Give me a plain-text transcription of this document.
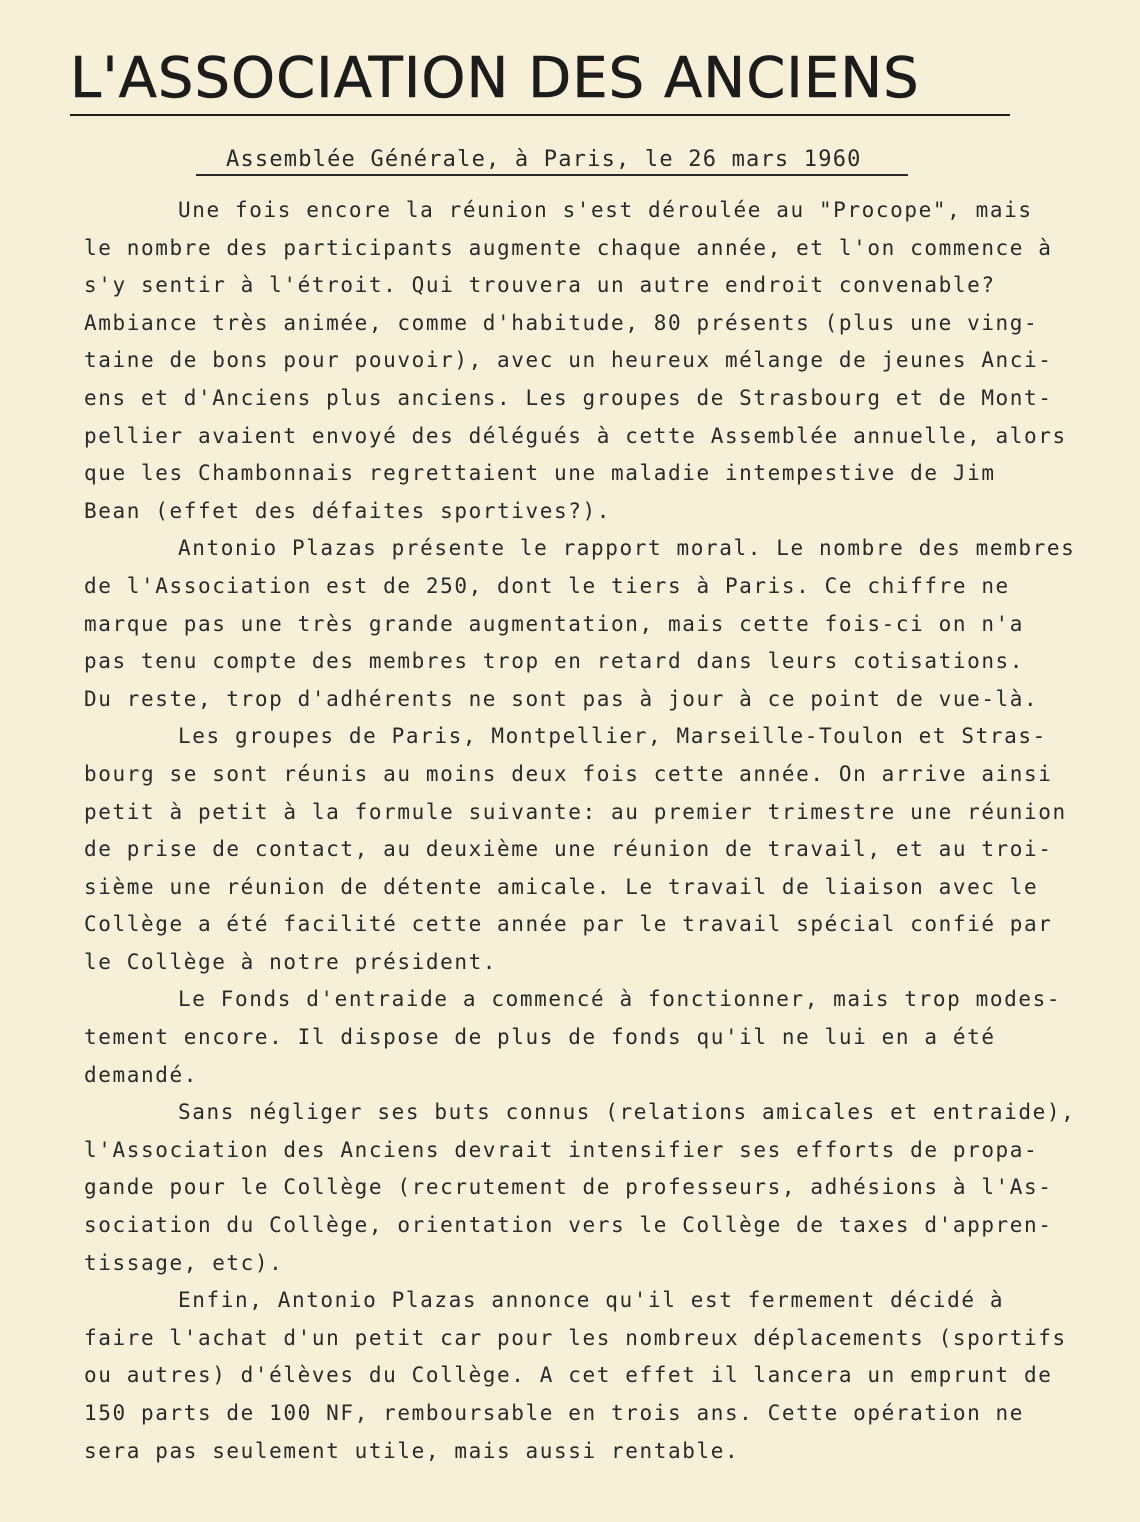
L'ASSOCIATION DES ANCIENS
Assemblée Générale, à Paris, le 26 mars 1960
Une fois encore la réunion s'est déroulée au "Procope", mais
le nombre des participants augmente chaque année, et l'on commence à
s'y sentir à l'étroit. Qui trouvera un autre endroit convenable?
Ambiance très animée, comme d'habitude, 80 présents (plus une ving-
taine de bons pour pouvoir), avec un heureux mélange de jeunes Anci-
ens et d'Anciens plus anciens. Les groupes de Strasbourg et de Mont-
pellier avaient envoyé des délégués à cette Assemblée annuelle, alors
que les Chambonnais regrettaient une maladie intempestive de Jim
Bean (effet des défaites sportives?).
Antonio Plazas présente le rapport moral. Le nombre des membres
de l'Association est de 250, dont le tiers à Paris. Ce chiffre ne
marque pas une très grande augmentation, mais cette fois-ci on n'a
pas tenu compte des membres trop en retard dans leurs cotisations.
Du reste, trop d'adhérents ne sont pas à jour à ce point de vue-là.
Les groupes de Paris, Montpellier, Marseille-Toulon et Stras-
bourg se sont réunis au moins deux fois cette année. On arrive ainsi
petit à petit à la formule suivante: au premier trimestre une réunion
de prise de contact, au deuxième une réunion de travail, et au troi-
sième une réunion de détente amicale. Le travail de liaison avec le
Collège a été facilité cette année par le travail spécial confié par
le Collège à notre président.
Le Fonds d'entraide a commencé à fonctionner, mais trop modes-
tement encore. Il dispose de plus de fonds qu'il ne lui en a été
demandé.
Sans négliger ses buts connus (relations amicales et entraide),
l'Association des Anciens devrait intensifier ses efforts de propa-
gande pour le Collège (recrutement de professeurs, adhésions à l'As-
sociation du Collège, orientation vers le Collège de taxes d'appren-
tissage, etc).
Enfin, Antonio Plazas annonce qu'il est fermement décidé à
faire l'achat d'un petit car pour les nombreux déplacements (sportifs
ou autres) d'élèves du Collège. A cet effet il lancera un emprunt de
150 parts de 100 NF, remboursable en trois ans. Cette opération ne
sera pas seulement utile, mais aussi rentable.
